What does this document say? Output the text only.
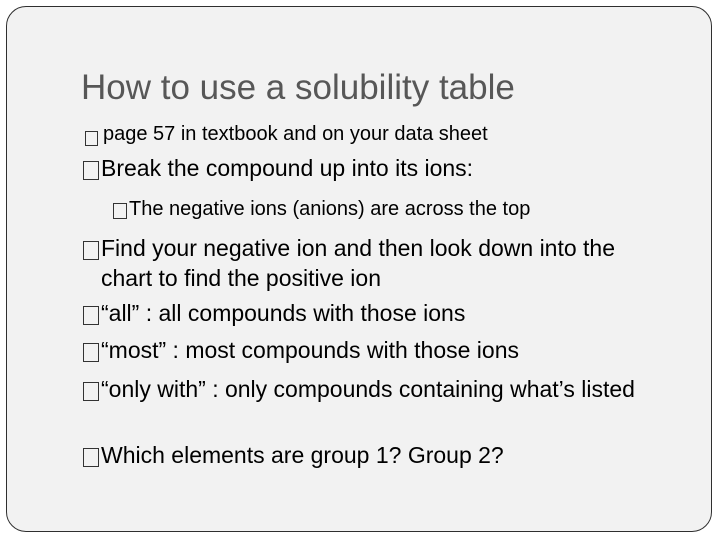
How to use a solubility table
page 57 in textbook and on your data sheet
Break the compound up into its ions:
The negative ions (anions) are across the top
Find your negative ion and then look down into the chart to find the positive ion
“all” : all compounds with those ions
“most” : most compounds with those ions
“only with” : only compounds containing what’s listed
Which elements are group 1? Group 2?
